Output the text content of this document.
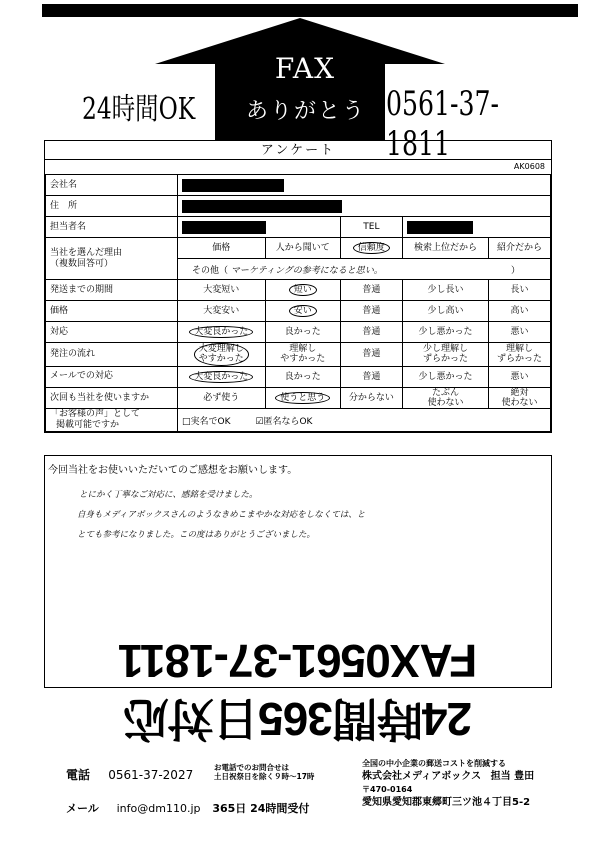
FAX
ありがとう
24時間OK	0561-37-1811
アンケート
AK0608
会社名					
住　所					
担当者名			TEL		

当社を選んだ理由
（複数回答可）	価格	人から聞いて	信頼度	検索上位だから	紹介だから
	その他（ マーケティングの参考になると思い。 ）				

発送までの期間	大変短い	短い	普通	少し長い	長い
価格	大変安い	安い	普通	少し高い	高い
対応	大変良かった	良かった	普通	少し悪かった	悪い
発注の流れ	大変理解し
やすかった	理解し
やすかった	普通	少し理解し
ずらかった	理解し
ずらかった
メールでの対応	大変良かった	良かった	普通	少し悪かった	悪い
次回も当社を使いますか	必ず使う	使うと思う	分からない	たぶん
使わない	絶対
使わない

「お客様の声」として
掲載可能ですか	□実名でOK ☑匿名ならOK				
今回当社をお使いいただいてのご感想をお願いします。
とにかく丁寧なご対応に、感銘を受けました。
自身もメディアボックスさんのようなきめこまやかな対応をしなくては、と
とても参考になりました。この度はありがとうございました。
24時間365日対応FAX0561-37-1811
電話 0561-37-2027
お電話でのお問合せは
土日祝祭日を除く９時〜17時
全国の中小企業の郵送コストを削減する
株式会社メディアボックス 担当 豊田
〒470-0164
愛知県愛知郡東郷町三ツ池４丁目5-2
メール info@dm110.jp 365日 24時間受付
